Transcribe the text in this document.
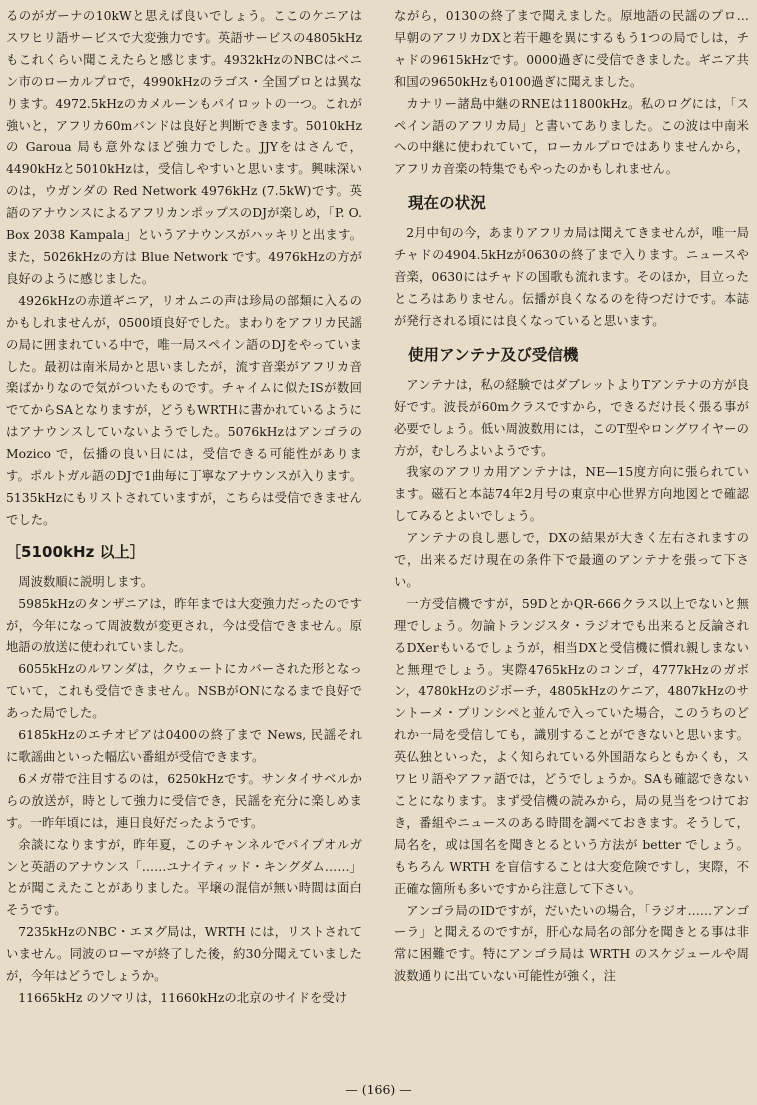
るのがガーナの10kWと思えば良いでしょう。ここのケニアはスワヒリ語サービスで大変強力です。英語サービスの4805kHzもこれくらい聞こえたらと感じます。4932kHzのNBCはベニン市のローカルプロで，4990kHzのラゴス・全国プロとは異なります。4972.5kHzのカメルーンもパイロットの一つ。これが強いと，アフリカ60mバンドは良好と判断できます。5010kHzの Garoua 局も意外なほど強力でした。JJYをはさんで，4490kHzと5010kHzは，受信しやすいと思います。興味深いのは，ウガンダの Red Network 4976kHz (7.5kW)です。英語のアナウンスによるアフリカンポップスのDJが楽しめ，「P. O. Box 2038 Kampala」というアナウンスがハッキリと出ます。また，5026kHzの方は Blue Network です。4976kHzの方が良好のように感じました。

4926kHzの赤道ギニア，リオムニの声は珍局の部類に入るのかもしれませんが，0500頃良好でした。まわりをアフリカ民謡の局に囲まれている中で，唯一局スペイン語のDJをやっていました。最初は南米局かと思いましたが，流す音楽がアフリカ音楽ばかりなので気がついたものです。チャイムに似たISが数回でてからSAとなりますが，どうもWRTHに書かれているようにはアナウンスしていないようでした。5076kHzはアンゴラの Mozico で，伝播の良い日には，受信できる可能性があります。ポルトガル語のDJで1曲毎に丁寧なアナウンスが入ります。5135kHzにもリストされていますが，こちらは受信できませんでした。

［5100kHz 以上］

周波数順に説明します。

5985kHzのタンザニアは，昨年までは大変強力だったのですが，今年になって周波数が変更され，今は受信できません。原地語の放送に使われていました。

6055kHzのルワンダは，クウェートにカバーされた形となっていて，これも受信できません。NSBがONになるまで良好であった局でした。

6185kHzのエチオピアは0400の終了まで News, 民謡それに歌謡曲といった幅広い番組が受信できます。

6メガ帯で注目するのは，6250kHzです。サンタイサベルからの放送が，時として強力に受信でき，民謡を充分に楽しめます。一昨年頃には，連日良好だったようです。

余談になりますが，昨年夏，このチャンネルでパイプオルガンと英語のアナウンス「……ユナイティッド・キングダム……」とが聞こえたことがありました。平壌の混信が無い時間は面白そうです。

7235kHzのNBC・エヌグ局は，WRTH には，リストされていません。同波のローマが終了した後，約30分聞えていましたが，今年はどうでしょうか。

11665kHz のソマリは，11660kHzの北京のサイドを受け

ながら，0130の終了まで聞えました。原地語の民謡のプロ… 早朝のアフリカDXと若干趣を異にするもう1つの局でしは，チャドの9615kHzです。0000過ぎに受信できました。ギニア共和国の9650kHzも0100過ぎに聞えました。

カナリー諸島中継のRNEは11800kHz。私のログには，「スペイン語のアフリカ局」と書いてありました。この波は中南米への中継に使われていて，ローカルプロではありませんから，アフリカ音楽の特集でもやったのかもしれません。

現在の状況

2月中旬の今，あまりアフリカ局は聞えてきませんが，唯一局チャドの4904.5kHzが0630の終了まで入ります。ニュースや音楽，0630にはチャドの国歌も流れます。そのほか，目立ったところはありません。伝播が良くなるのを待つだけです。本誌が発行される頃には良くなっていると思います。

使用アンテナ及び受信機

アンテナは，私の経験ではダブレットよりTアンテナの方が良好です。波長が60mクラスですから，できるだけ長く張る事が必要でしょう。低い周波数用には，このT型やロングワイヤーの方が，むしろよいようです。

我家のアフリカ用アンテナは，NE—15度方向に張られています。磁石と本誌74年2月号の東京中心世界方向地図とで確認してみるとよいでしょう。

アンテナの良し悪しで，DXの結果が大きく左右されますので，出来るだけ現在の条件下で最適のアンテナを張って下さい。

一方受信機ですが，59DとかQR-666クラス以上でないと無理でしょう。勿論トランジスタ・ラジオでも出来ると反論されるDXerもいるでしょうが，相当DXと受信機に慣れ親しまないと無理でしょう。実際4765kHzのコンゴ，4777kHzのガボン，4780kHzのジボーチ，4805kHzのケニア，4807kHzのサントーメ・プリンシペと並んで入っていた場合，このうちのどれか一局を受信しても，識別することができないと思います。英仏独といった，よく知られている外国語ならともかくも，スワヒリ語やアファ語では，どうでしょうか。SAも確認できないことになります。まず受信機の読みから，局の見当をつけておき，番組やニュースのある時間を調べておきます。そうして，局名を，或は国名を聞きとるという方法が better でしょう。もちろん WRTH を盲信することは大変危険ですし，実際，不正確な箇所も多いですから注意して下さい。

アンゴラ局のIDですが，だいたいの場合，「ラジオ……アンゴーラ」と聞えるのですが，肝心な局名の部分を聞きとる事は非常に困難です。特にアンゴラ局は WRTH のスケジュールや周波数通りに出ていない可能性が強く，注

— (166) —
